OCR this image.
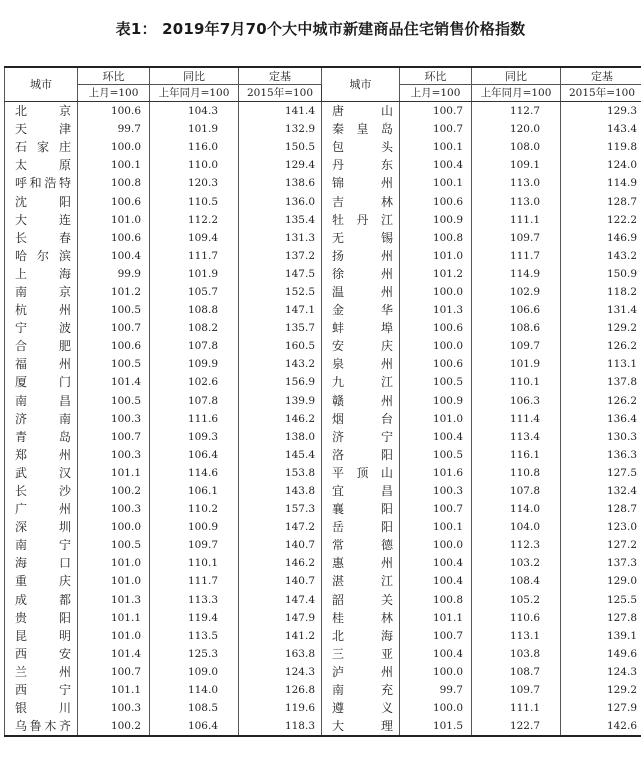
表1： 2019年7月70个大中城市新建商品住宅销售价格指数
城市	环比	同比	定基	城市	环比	同比	定基
	上月=100	上年同月=100	2015年=100		上月=100	上年同月=100	2015年=100
北京	100.6	104.3	141.4	唐山	100.7	112.7	129.3
天津	99.7	101.9	132.9	秦皇岛	100.7	120.0	143.4
石家庄	100.0	116.0	150.5	包头	100.1	108.0	119.8
太原	100.1	110.0	129.4	丹东	100.4	109.1	124.0
呼和浩特	100.8	120.3	138.6	锦州	100.1	113.0	114.9
沈阳	100.6	110.5	136.0	吉林	100.6	113.0	128.7
大连	101.0	112.2	135.4	牡丹江	100.9	111.1	122.2
长春	100.6	109.4	131.3	无锡	100.8	109.7	146.9
哈尔滨	100.4	111.7	137.2	扬州	101.0	111.7	143.2
上海	99.9	101.9	147.5	徐州	101.2	114.9	150.9
南京	101.2	105.7	152.5	温州	100.0	102.9	118.2
杭州	100.5	108.8	147.1	金华	101.3	106.6	131.4
宁波	100.7	108.2	135.7	蚌埠	100.6	108.6	129.2
合肥	100.6	107.8	160.5	安庆	100.0	109.7	126.2
福州	100.5	109.9	143.2	泉州	100.6	101.9	113.1
厦门	101.4	102.6	156.9	九江	100.5	110.1	137.8
南昌	100.5	107.8	139.9	赣州	100.9	106.3	126.2
济南	100.3	111.6	146.2	烟台	101.0	111.4	136.4
青岛	100.7	109.3	138.0	济宁	100.4	113.4	130.3
郑州	100.3	106.4	145.4	洛阳	100.5	116.1	136.3
武汉	101.1	114.6	153.8	平顶山	101.6	110.8	127.5
长沙	100.2	106.1	143.8	宜昌	100.3	107.8	132.4
广州	100.3	110.2	157.3	襄阳	100.7	114.0	128.7
深圳	100.0	100.9	147.2	岳阳	100.1	104.0	123.0
南宁	100.5	109.7	140.7	常德	100.0	112.3	127.2
海口	101.0	110.1	146.2	惠州	100.4	103.2	137.3
重庆	101.0	111.7	140.7	湛江	100.4	108.4	129.0
成都	101.3	113.3	147.4	韶关	100.8	105.2	125.5
贵阳	101.1	119.4	147.9	桂林	101.1	110.6	127.8
昆明	101.0	113.5	141.2	北海	100.7	113.1	139.1
西安	101.4	125.3	163.8	三亚	100.4	103.8	149.6
兰州	100.7	109.0	124.3	泸州	100.0	108.7	124.3
西宁	101.1	114.0	126.8	南充	99.7	109.7	129.2
银川	100.3	108.5	119.6	遵义	100.0	111.1	127.9
乌鲁木齐	100.2	106.4	118.3	大理	101.5	122.7	142.6
